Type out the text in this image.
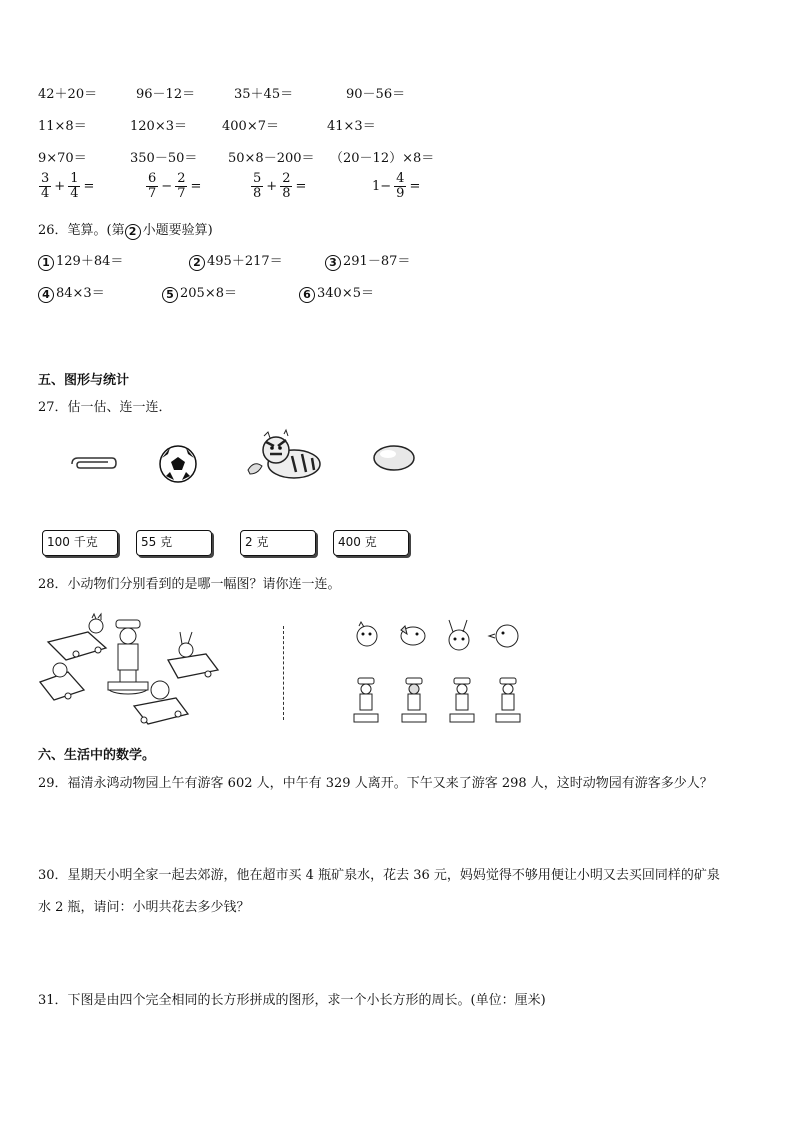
42＋20＝	96－12＝	35＋45＝	90－56＝
11×8＝	120×3＝	400×7＝	41×3＝
9×70＝	350－50＝ 50×8－200＝ （20－12）×8＝
$\frac{3}{4} + \frac{1}{4}$ =	$\frac{6}{7} - \frac{2}{7}$ =	$\frac{5}{8} + \frac{2}{8}$ =	$1- \frac{4}{9}$ =
26．笔算。(第 2 小题要验算)
1 129＋84＝	2 495＋217＝	3 291－87＝
4 84×3＝	5 205×8＝	6 340×5＝
五、图形与统计
27．估一估、连一连．
100 千克	55 克	2 克	400 克
28．小动物们分别看到的是哪一幅图？请你连一连。
六、生活中的数学。
29．福清永鸿动物园上午有游客 602 人，中午有 329 人离开。下午又来了游客 298 人，这时动物园有游客多少人？
30．星期天小明全家一起去郊游，他在超市买 4 瓶矿泉水，花去 36 元，妈妈觉得不够用便让小明又去买回同样的矿泉
水 2 瓶，请问：小明共花去多少钱？
31．下图是由四个完全相同的长方形拼成的图形，求一个小长方形的周长。(单位：厘米)
